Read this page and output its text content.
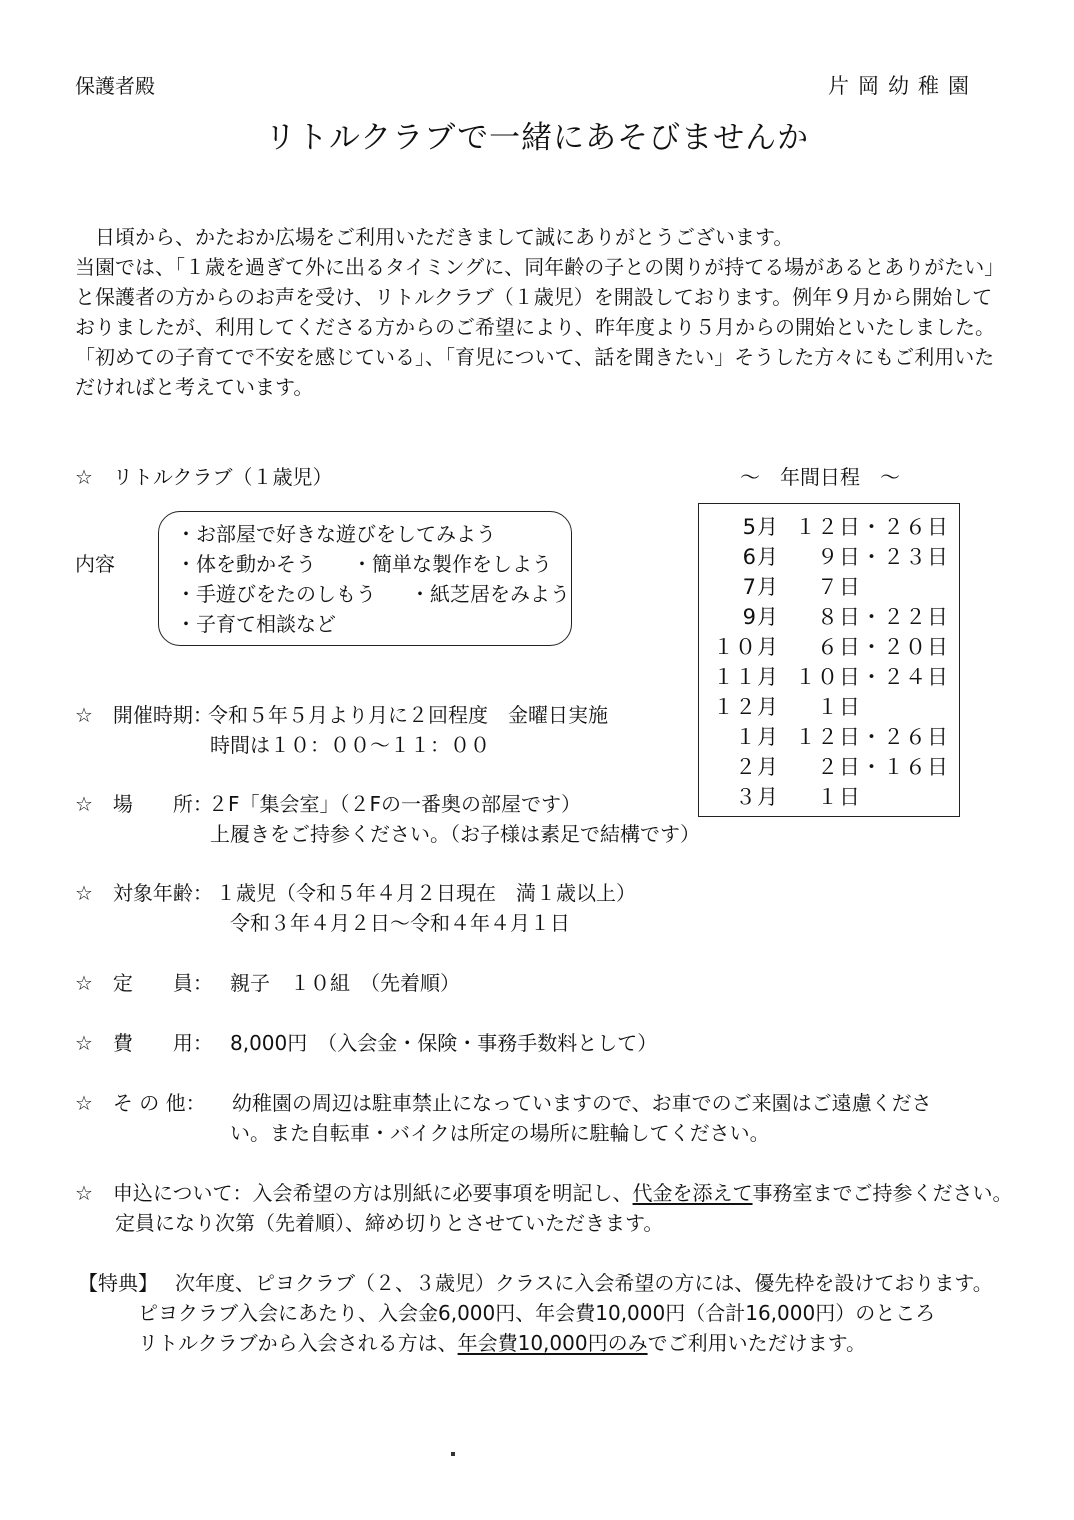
保護者殿	片岡幼稚園
リトルクラブで一緒にあそびませんか
　日頃から、かたおか広場をご利用いただきまして誠にありがとうございます。
当園では、「１歳を過ぎて外に出るタイミングに、同年齢の子との関りが持てる場があるとありがたい」
と保護者の方からのお声を受け、リトルクラブ（１歳児）を開設しております。例年９月から開始して
おりましたが、利用してくださる方からのご希望により、昨年度より５月からの開始といたしました。
「初めての子育てで不安を感じている」、「育児について、話を聞きたい」そうした方々にもご利用いた
だければと考えています。
☆　リトルクラブ（１歳児）	～　年間日程　～
内容
・お部屋で好きな遊びをしてみよう
・体を動かそう ・簡単な製作をしよう
・手遊びをたのしもう ・紙芝居をみよう
・子育て相談など
5月 １２日・２６日
6月 　９日・２３日
7月 　７日
9月 　８日・２２日
１０月 　６日・２０日
１１月 １０日・２４日
１２月 　１日
１月 １２日・２６日
２月 　２日・１６日
３月 　１日
☆　開催時期：
令和５年５月より月に２回程度　金曜日実施
時間は１０：００～１１：００
☆　場　　所：
２F「集会室」（２Fの一番奥の部屋です）
上履きをご持参ください。（お子様は素足で結構です）
☆　対象年齢： １歳児（令和５年４月２日現在　満１歳以上）
令和３年４月２日～令和４年４月１日
☆　定　　員： 親子　１０組　（先着順）
☆　費　　用： 8,000円　（入会金・保険・事務手数料として）
☆　そ の 他： 幼稚園の周辺は駐車禁止になっていますので、お車でのご来園はご遠慮くださ
い。また自転車・バイクは所定の場所に駐輪してください。
☆　申込について：入会希望の方は別紙に必要事項を明記し、代金を添えて事務室までご持参ください。
定員になり次第（先着順）、締め切りとさせていただきます。
【特典】 次年度、ピヨクラブ（２、３歳児）クラスに入会希望の方には、優先枠を設けております。
ピヨクラブ入会にあたり、入会金6,000円、年会費10,000円（合計16,000円）のところ
リトルクラブから入会される方は、年会費10,000円のみでご利用いただけます。
